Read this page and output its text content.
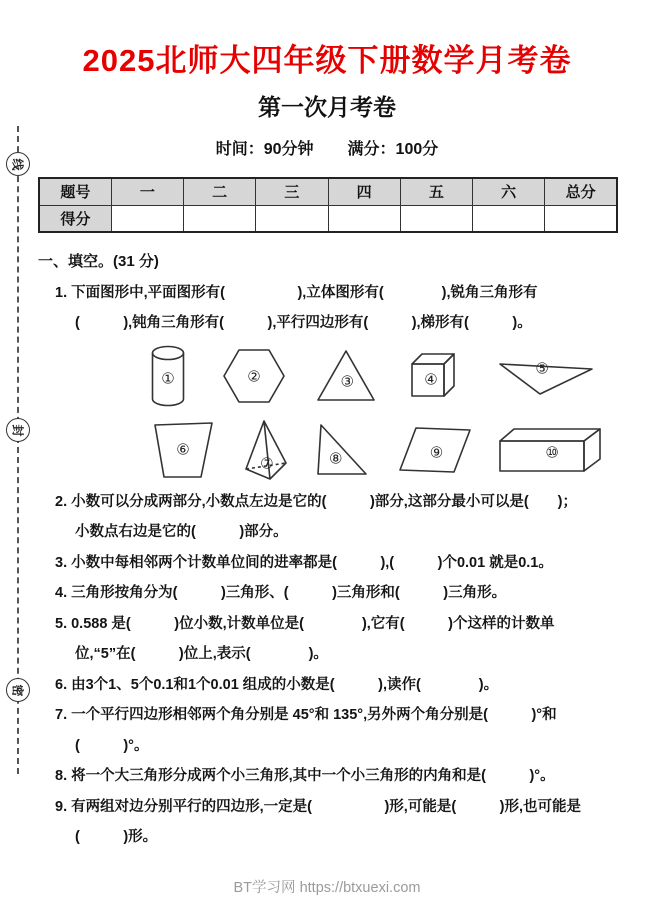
线
封
密
2025北师大四年级下册数学月考卷
第一次月考卷
时间：90分钟 满分：100分
题号	一	二	三	四	五	六	总分
得分							
一、填空。(31 分)
1. 下面图形中,平面图形有(　　　　　),立体图形有(　　　　),锐角三角形有
(　　　),钝角三角形有(　　　),平行四边形有(　　　),梯形有(　　　)。
①	②	③	④
⑤
⑥
⑦	⑧	⑨	⑩
2. 小数可以分成两部分,小数点左边是它的(　　　)部分,这部分最小可以是(　　)；
小数点右边是它的(　　　)部分。
3. 小数中每相邻两个计数单位间的进率都是(　　　),(　　　)个0.01 就是0.1。
4. 三角形按角分为(　　　)三角形、(　　　)三角形和(　　　)三角形。
5. 0.588 是(　　　)位小数,计数单位是(　　　　),它有(　　　)个这样的计数单
位,“5”在(　　　)位上,表示(　　　　)。
6. 由3个1、5个0.1和1个0.01 组成的小数是(　　　),读作(　　　　)。
7. 一个平行四边形相邻两个角分别是 45°和 135°,另外两个角分别是(　　　)°和
(　　　)°。
8. 将一个大三角形分成两个小三角形,其中一个小三角形的内角和是(　　　)°。
9. 有两组对边分别平行的四边形,一定是(　　　　　)形,可能是(　　　)形,也可能是
(　　　)形。
BT学习网 https://btxuexi.com
